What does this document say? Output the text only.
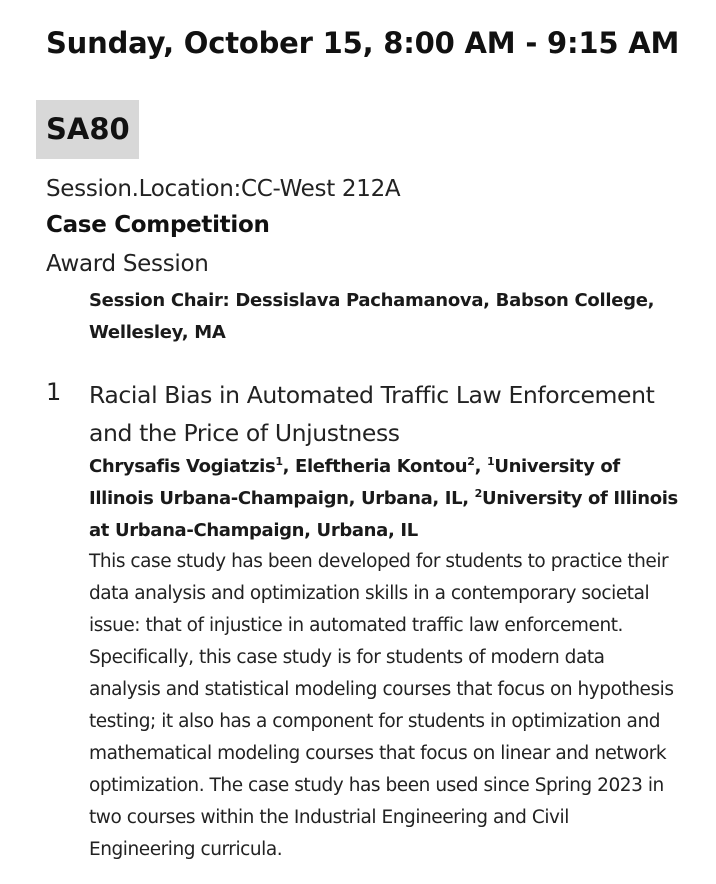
Sunday, October 15, 8:00 AM - 9:15 AM
SA80
Session.Location:CC-West 212A
Case Competition
Award Session
Session Chair: Dessislava Pachamanova, Babson College, Wellesley, MA
1 Racial Bias in Automated Traffic Law Enforcement and the Price of Unjustness
Chrysafis Vogiatzis$^1$, Eleftheria Kontou$^2$, $^1$University of Illinois Urbana-Champaign, Urbana, IL, $^2$University of Illinois at Urbana-Champaign, Urbana, IL
This case study has been developed for students to practice their data analysis and optimization skills in a contemporary societal issue: that of injustice in automated traffic law enforcement. Specifically, this case study is for students of modern data analysis and statistical modeling courses that focus on hypothesis testing; it also has a component for students in optimization and mathematical modeling courses that focus on linear and network optimization. The case study has been used since Spring 2023 in two courses within the Industrial Engineering and Civil Engineering curricula.
